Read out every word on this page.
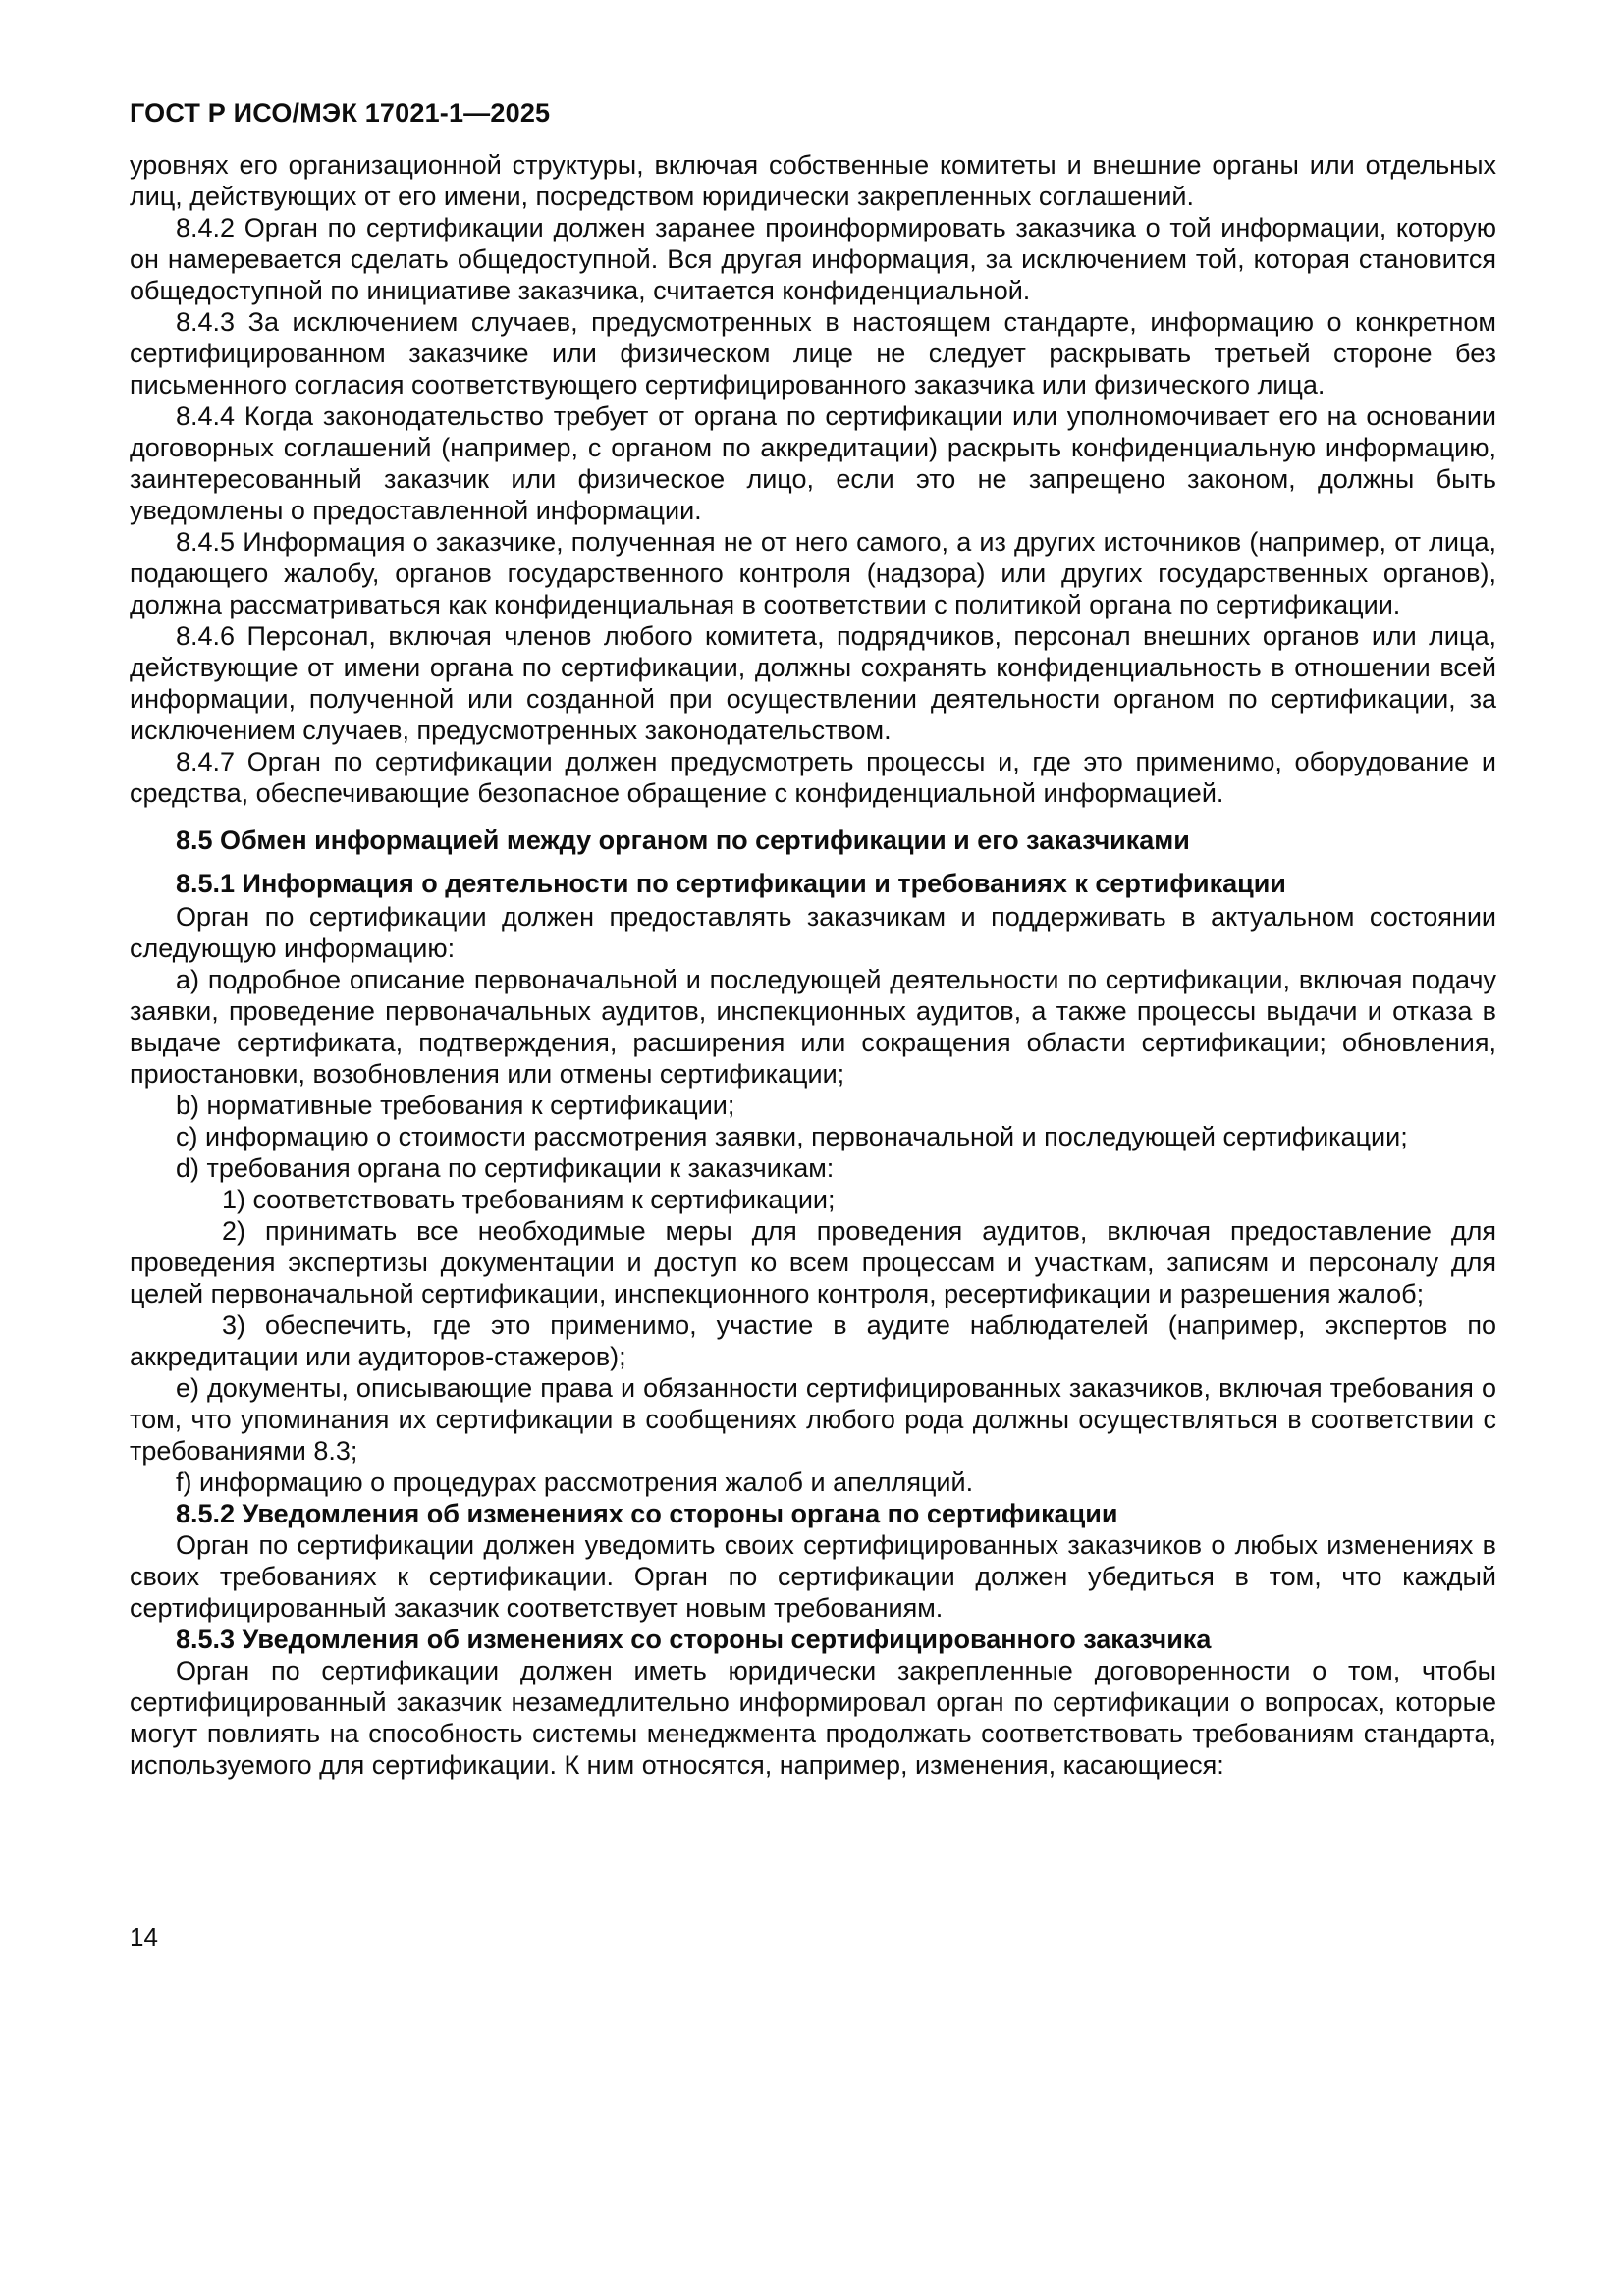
ГОСТ Р ИСО/МЭК 17021-1—2025

уровнях его организационной структуры, включая собственные комитеты и внешние органы или отдельных лиц, действующих от его имени, посредством юридически закрепленных соглашений.

8.4.2 Орган по сертификации должен заранее проинформировать заказчика о той информации, которую он намеревается сделать общедоступной. Вся другая информация, за исключением той, которая становится общедоступной по инициативе заказчика, считается конфиденциальной.

8.4.3 За исключением случаев, предусмотренных в настоящем стандарте, информацию о конкретном сертифицированном заказчике или физическом лице не следует раскрывать третьей стороне без письменного согласия соответствующего сертифицированного заказчика или физического лица.

8.4.4 Когда законодательство требует от органа по сертификации или уполномочивает его на основании договорных соглашений (например, с органом по аккредитации) раскрыть конфиденциальную информацию, заинтересованный заказчик или физическое лицо, если это не запрещено законом, должны быть уведомлены о предоставленной информации.

8.4.5 Информация о заказчике, полученная не от него самого, а из других источников (например, от лица, подающего жалобу, органов государственного контроля (надзора) или других государственных органов), должна рассматриваться как конфиденциальная в соответствии с политикой органа по сертификации.

8.4.6 Персонал, включая членов любого комитета, подрядчиков, персонал внешних органов или лица, действующие от имени органа по сертификации, должны сохранять конфиденциальность в отношении всей информации, полученной или созданной при осуществлении деятельности органом по сертификации, за исключением случаев, предусмотренных законодательством.

8.4.7 Орган по сертификации должен предусмотреть процессы и, где это применимо, оборудование и средства, обеспечивающие безопасное обращение с конфиденциальной информацией.

8.5 Обмен информацией между органом по сертификации и его заказчиками

8.5.1 Информация о деятельности по сертификации и требованиях к сертификации

Орган по сертификации должен предоставлять заказчикам и поддерживать в актуальном состоянии следующую информацию:

a) подробное описание первоначальной и последующей деятельности по сертификации, включая подачу заявки, проведение первоначальных аудитов, инспекционных аудитов, а также процессы выдачи и отказа в выдаче сертификата, подтверждения, расширения или сокращения области сертификации; обновления, приостановки, возобновления или отмены сертификации;

b) нормативные требования к сертификации;

c) информацию о стоимости рассмотрения заявки, первоначальной и последующей сертификации;

d) требования органа по сертификации к заказчикам:

1) соответствовать требованиям к сертификации;

2) принимать все необходимые меры для проведения аудитов, включая предоставление для проведения экспертизы документации и доступ ко всем процессам и участкам, записям и персоналу для целей первоначальной сертификации, инспекционного контроля, ресертификации и разрешения жалоб;

3) обеспечить, где это применимо, участие в аудите наблюдателей (например, экспертов по аккредитации или аудиторов-стажеров);

e) документы, описывающие права и обязанности сертифицированных заказчиков, включая требования о том, что упоминания их сертификации в сообщениях любого рода должны осуществляться в соответствии с требованиями 8.3;

f) информацию о процедурах рассмотрения жалоб и апелляций.

8.5.2 Уведомления об изменениях со стороны органа по сертификации

Орган по сертификации должен уведомить своих сертифицированных заказчиков о любых изменениях в своих требованиях к сертификации. Орган по сертификации должен убедиться в том, что каждый сертифицированный заказчик соответствует новым требованиям.

8.5.3 Уведомления об изменениях со стороны сертифицированного заказчика

Орган по сертификации должен иметь юридически закрепленные договоренности о том, чтобы сертифицированный заказчик незамедлительно информировал орган по сертификации о вопросах, которые могут повлиять на способность системы менеджмента продолжать соответствовать требованиям стандарта, используемого для сертификации. К ним относятся, например, изменения, касающиеся:

14
